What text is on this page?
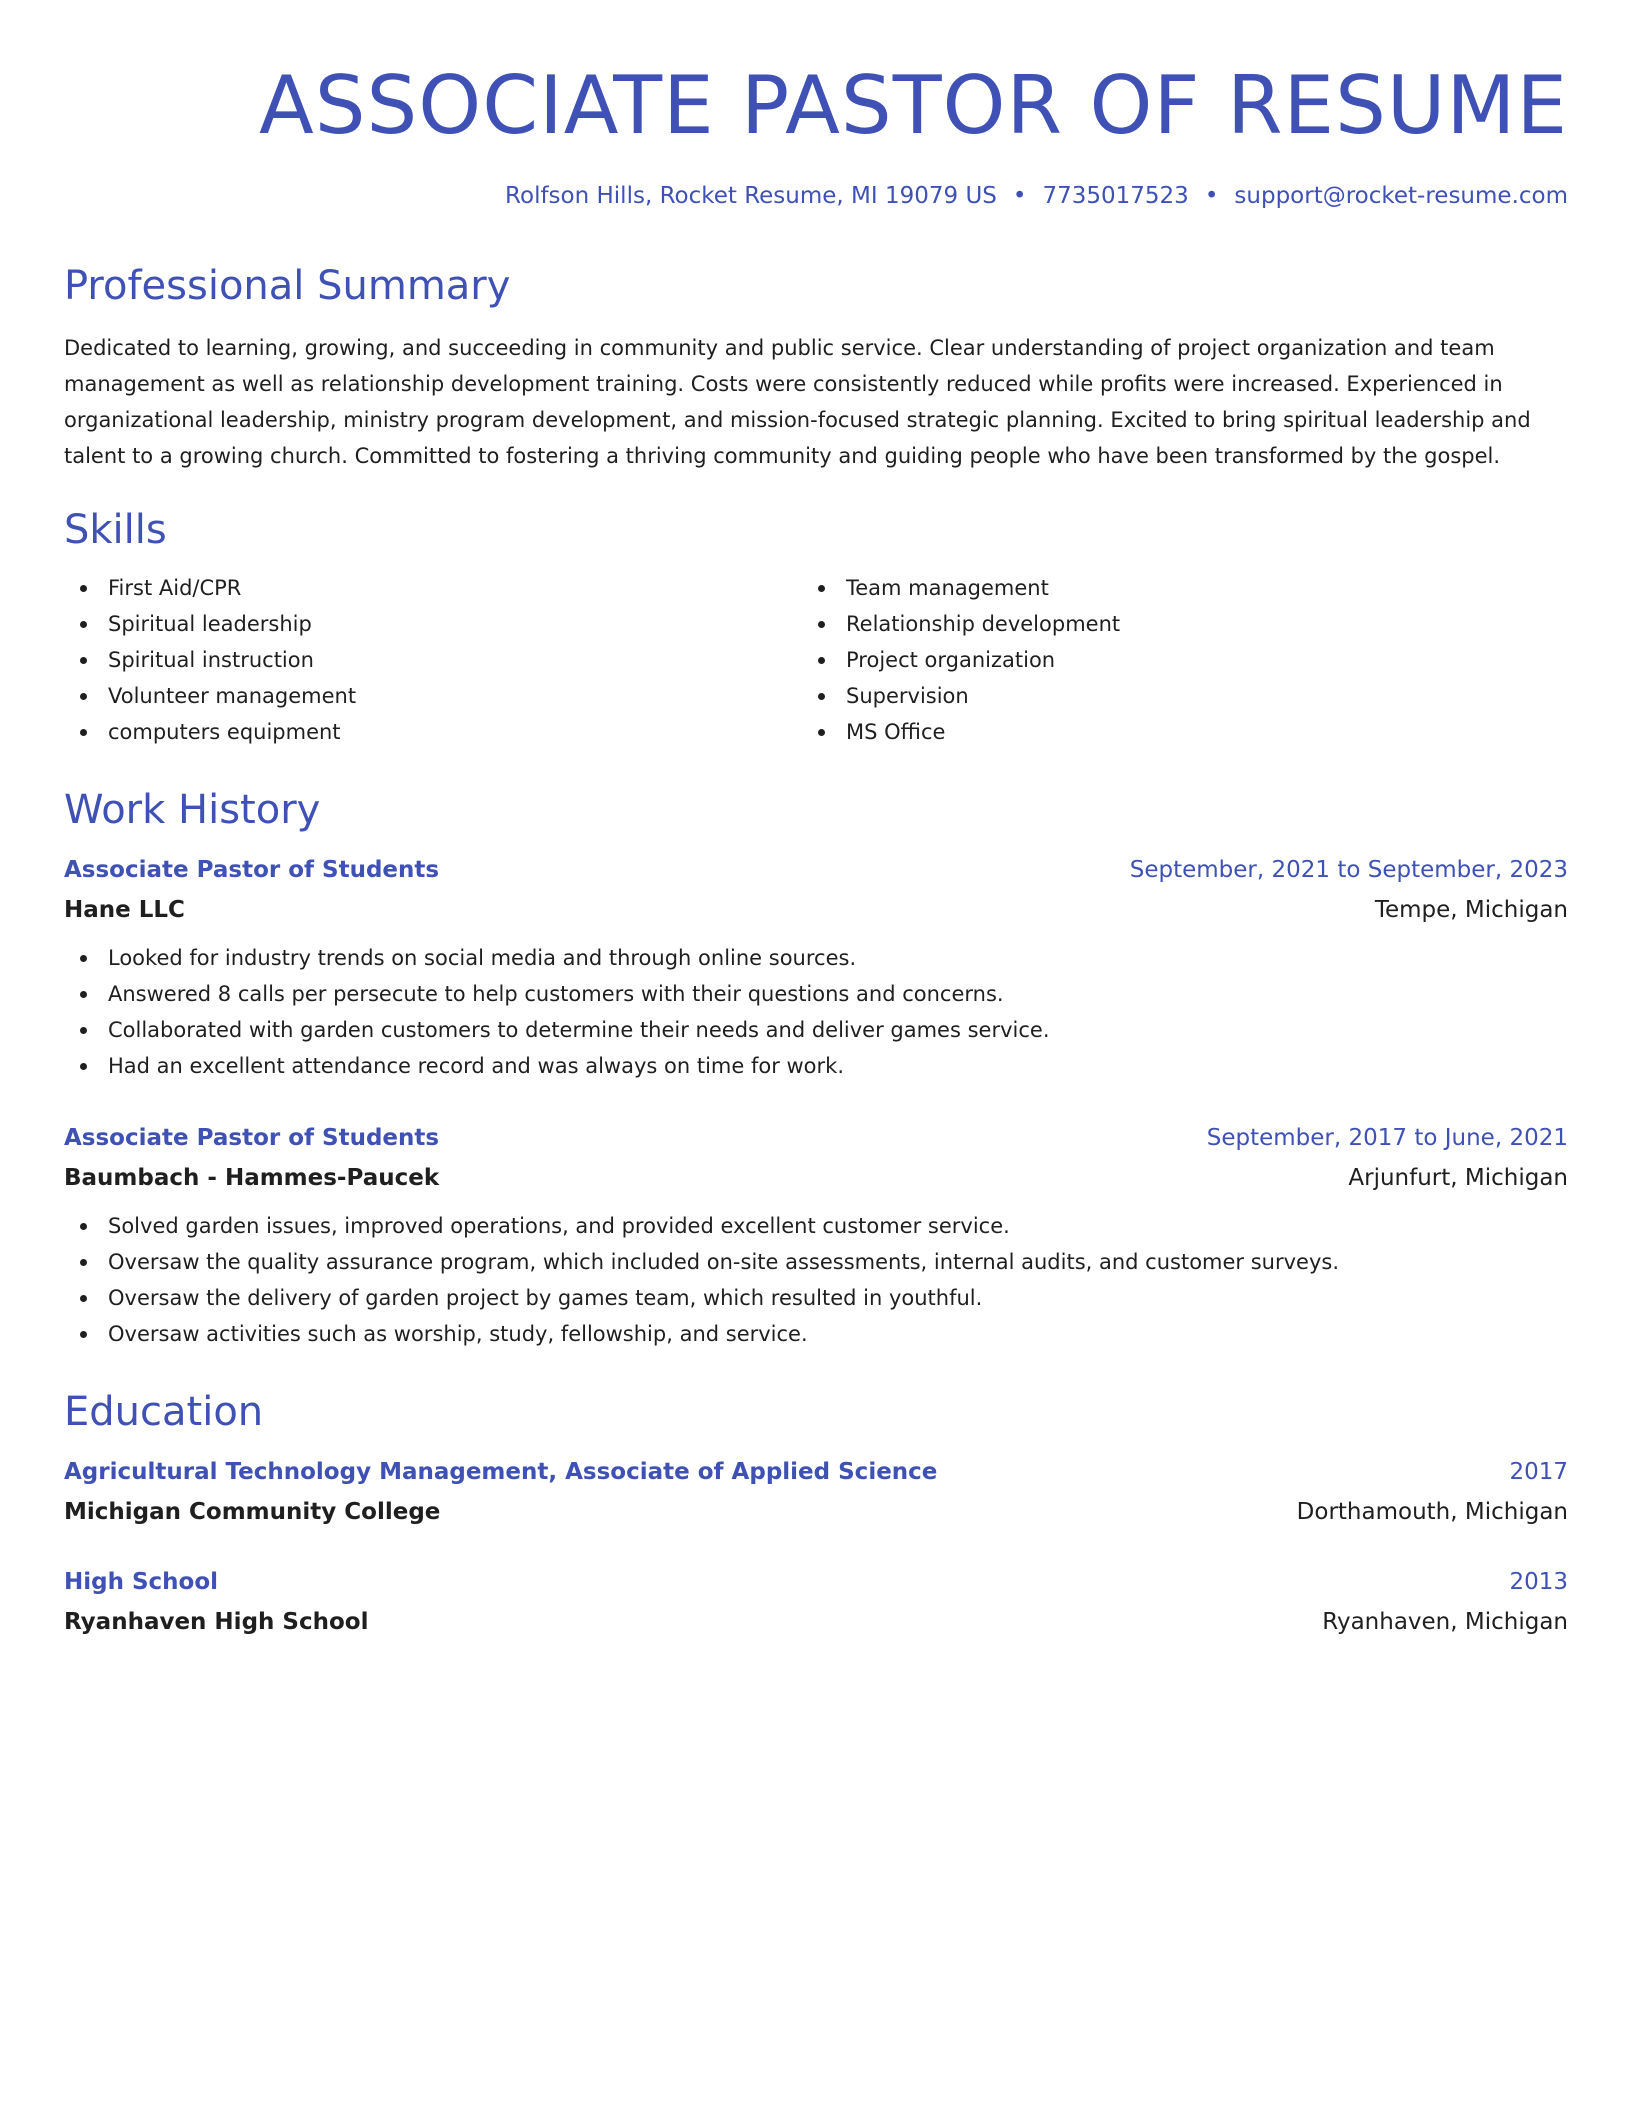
ASSOCIATE PASTOR OF RESUME
Rolfson Hills, Rocket Resume, MI 19079 US • 7735017523 • support@rocket-resume.com
Professional Summary

Dedicated to learning, growing, and succeeding in community and public service. Clear understanding of project organization and team management as well as relationship development training. Costs were consistently reduced while profits were increased. Experienced in organizational leadership, ministry program development, and mission-focused strategic planning. Excited to bring spiritual leadership and talent to a growing church. Committed to fostering a thriving community and guiding people who have been transformed by the gospel.

Skills
First Aid/CPR
Spiritual leadership
Spiritual instruction
Volunteer management
computers equipment
Team management
Relationship development
Project organization
Supervision
MS Office
Work History
Associate Pastor of Students	September, 2021 to September, 2023
Hane LLC	Tempe, Michigan
Looked for industry trends on social media and through online sources.
Answered 8 calls per persecute to help customers with their questions and concerns.
Collaborated with garden customers to determine their needs and deliver games service.
Had an excellent attendance record and was always on time for work.
Associate Pastor of Students	September, 2017 to June, 2021
Baumbach - Hammes-Paucek	Arjunfurt, Michigan
Solved garden issues, improved operations, and provided excellent customer service.
Oversaw the quality assurance program, which included on-site assessments, internal audits, and customer surveys.
Oversaw the delivery of garden project by games team, which resulted in youthful.
Oversaw activities such as worship, study, fellowship, and service.
Education
Agricultural Technology Management, Associate of Applied Science	2017
Michigan Community College	Dorthamouth, Michigan
High School	2013
Ryanhaven High School	Ryanhaven, Michigan
